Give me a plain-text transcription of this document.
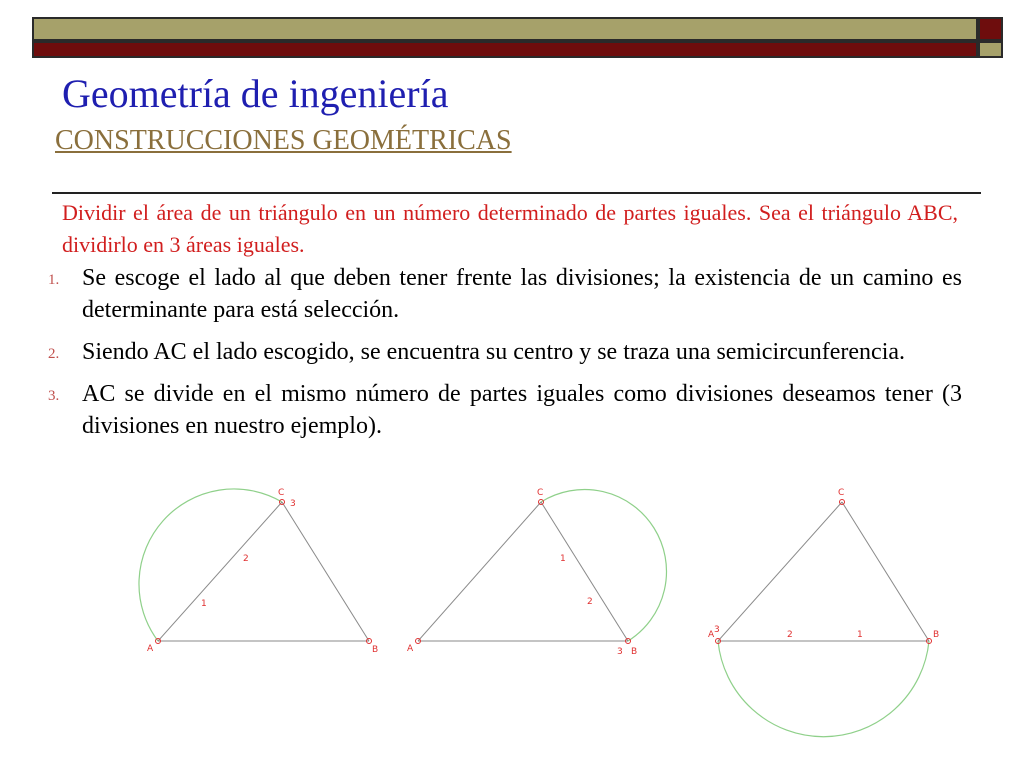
Geometría de ingeniería
CONSTRUCCIONES GEOMÉTRICAS
Dividir el área de un triángulo en un número determinado de partes iguales. Sea el triángulo ABC, dividirlo en 3 áreas iguales.
1. Se escoge el lado al que deben tener frente las divisiones; la existencia de un camino es determinante para está selección.
2. Siendo AC el lado escogido, se encuentra su centro y se traza una semicircunferencia.
3. AC se divide en el mismo número de partes iguales como divisiones deseamos tener (3 divisiones en nuestro ejemplo).
A	B
C
1
2
3
A	B
C
1
2
3
A	B
C
1
2
3
